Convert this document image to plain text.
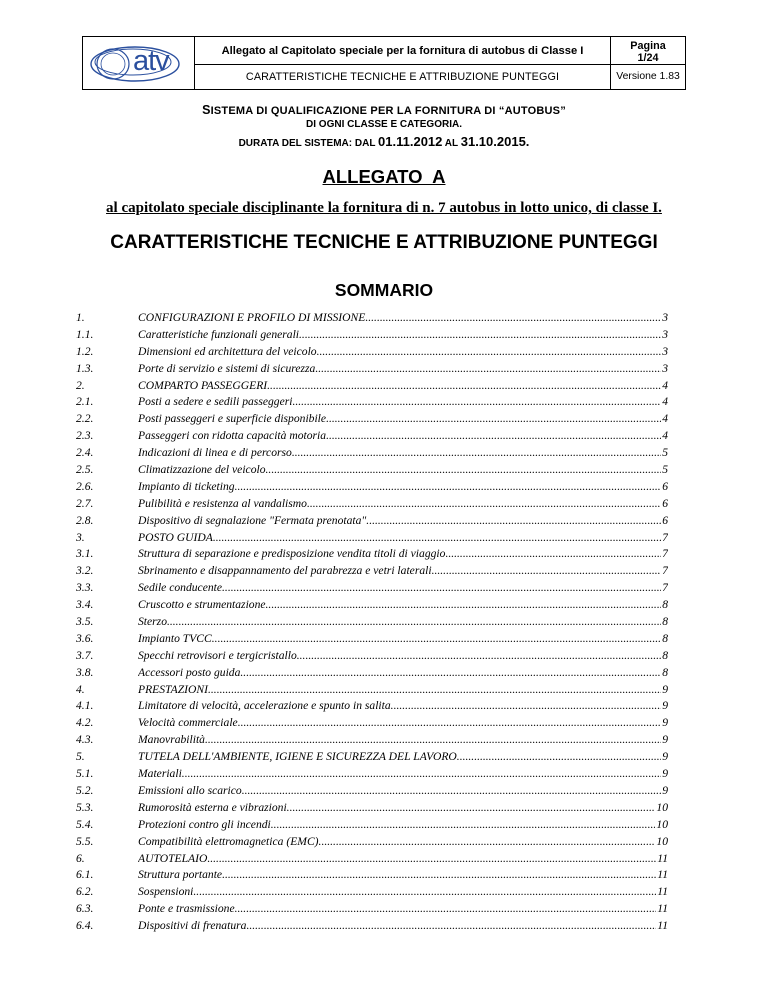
atv	Allegato al Capitolato speciale per la fornitura di autobus di Classe I
CARATTERISTICHE TECNICHE E ATTRIBUZIONE PUNTEGGI
Pagina
1/24
Versione 1.83
SISTEMA DI QUALIFICAZIONE PER LA FORNITURA DI “AUTOBUS”
DI OGNI CLASSE E CATEGORIA.
DURATA DEL SISTEMA: DAL 01.11.2012 AL 31.10.2015.
ALLEGATO  A
al capitolato speciale disciplinante la fornitura di n. 7 autobus in lotto unico, di classe I.
CARATTERISTICHE TECNICHE E ATTRIBUZIONE PUNTEGGI
SOMMARIO
1.	CONFIGURAZIONI E PROFILO DI MISSIONE .....	3
1.1.	Caratteristiche funzionali generali .....	3
1.2.	Dimensioni ed architettura del veicolo .....	3
1.3.	Porte di servizio e sistemi di sicurezza .....	3
2.	COMPARTO PASSEGGERI .....	4
2.1.	Posti a sedere e sedili passeggeri .....	4
2.2.	Posti passeggeri e superficie disponibile .....	4
2.3.	Passeggeri con ridotta capacità motoria .....	4
2.4.	Indicazioni di linea e di percorso .....	5
2.5.	Climatizzazione del veicolo .....	5
2.6.	Impianto di ticketing .....	6
2.7.	Pulibilità e resistenza al vandalismo .....	6
2.8.	Dispositivo di segnalazione "Fermata prenotata" .....	6
3.	POSTO GUIDA .....	7
3.1.	Struttura di separazione e predisposizione vendita titoli di viaggio .....	7
3.2.	Sbrinamento e disappannamento del parabrezza e vetri laterali .....	7
3.3.	Sedile conducente .....	7
3.4.	Cruscotto e strumentazione .....	8
3.5.	Sterzo .....	8
3.6.	Impianto TVCC .....	8
3.7.	Specchi retrovisori e tergicristallo .....	8
3.8.	Accessori posto guida .....	8
4.	PRESTAZIONI .....	9
4.1.	Limitatore di velocità, accelerazione e spunto in salita .....	9
4.2.	Velocità commerciale .....	9
4.3.	Manovrabilità .....	9
5.	TUTELA DELL'AMBIENTE, IGIENE E SICUREZZA DEL LAVORO .....	9
5.1.	Materiali .....	9
5.2.	Emissioni allo scarico .....	9
5.3.	Rumorosità esterna e vibrazioni .....	10
5.4.	Protezioni contro gli incendi .....	10
5.5.	Compatibilità elettromagnetica (EMC) .....	10
6.	AUTOTELAIO .....	11
6.1.	Struttura portante .....	11
6.2.	Sospensioni .....	11
6.3.	Ponte e trasmissione .....	11
6.4.	Dispositivi di frenatura .....	11
